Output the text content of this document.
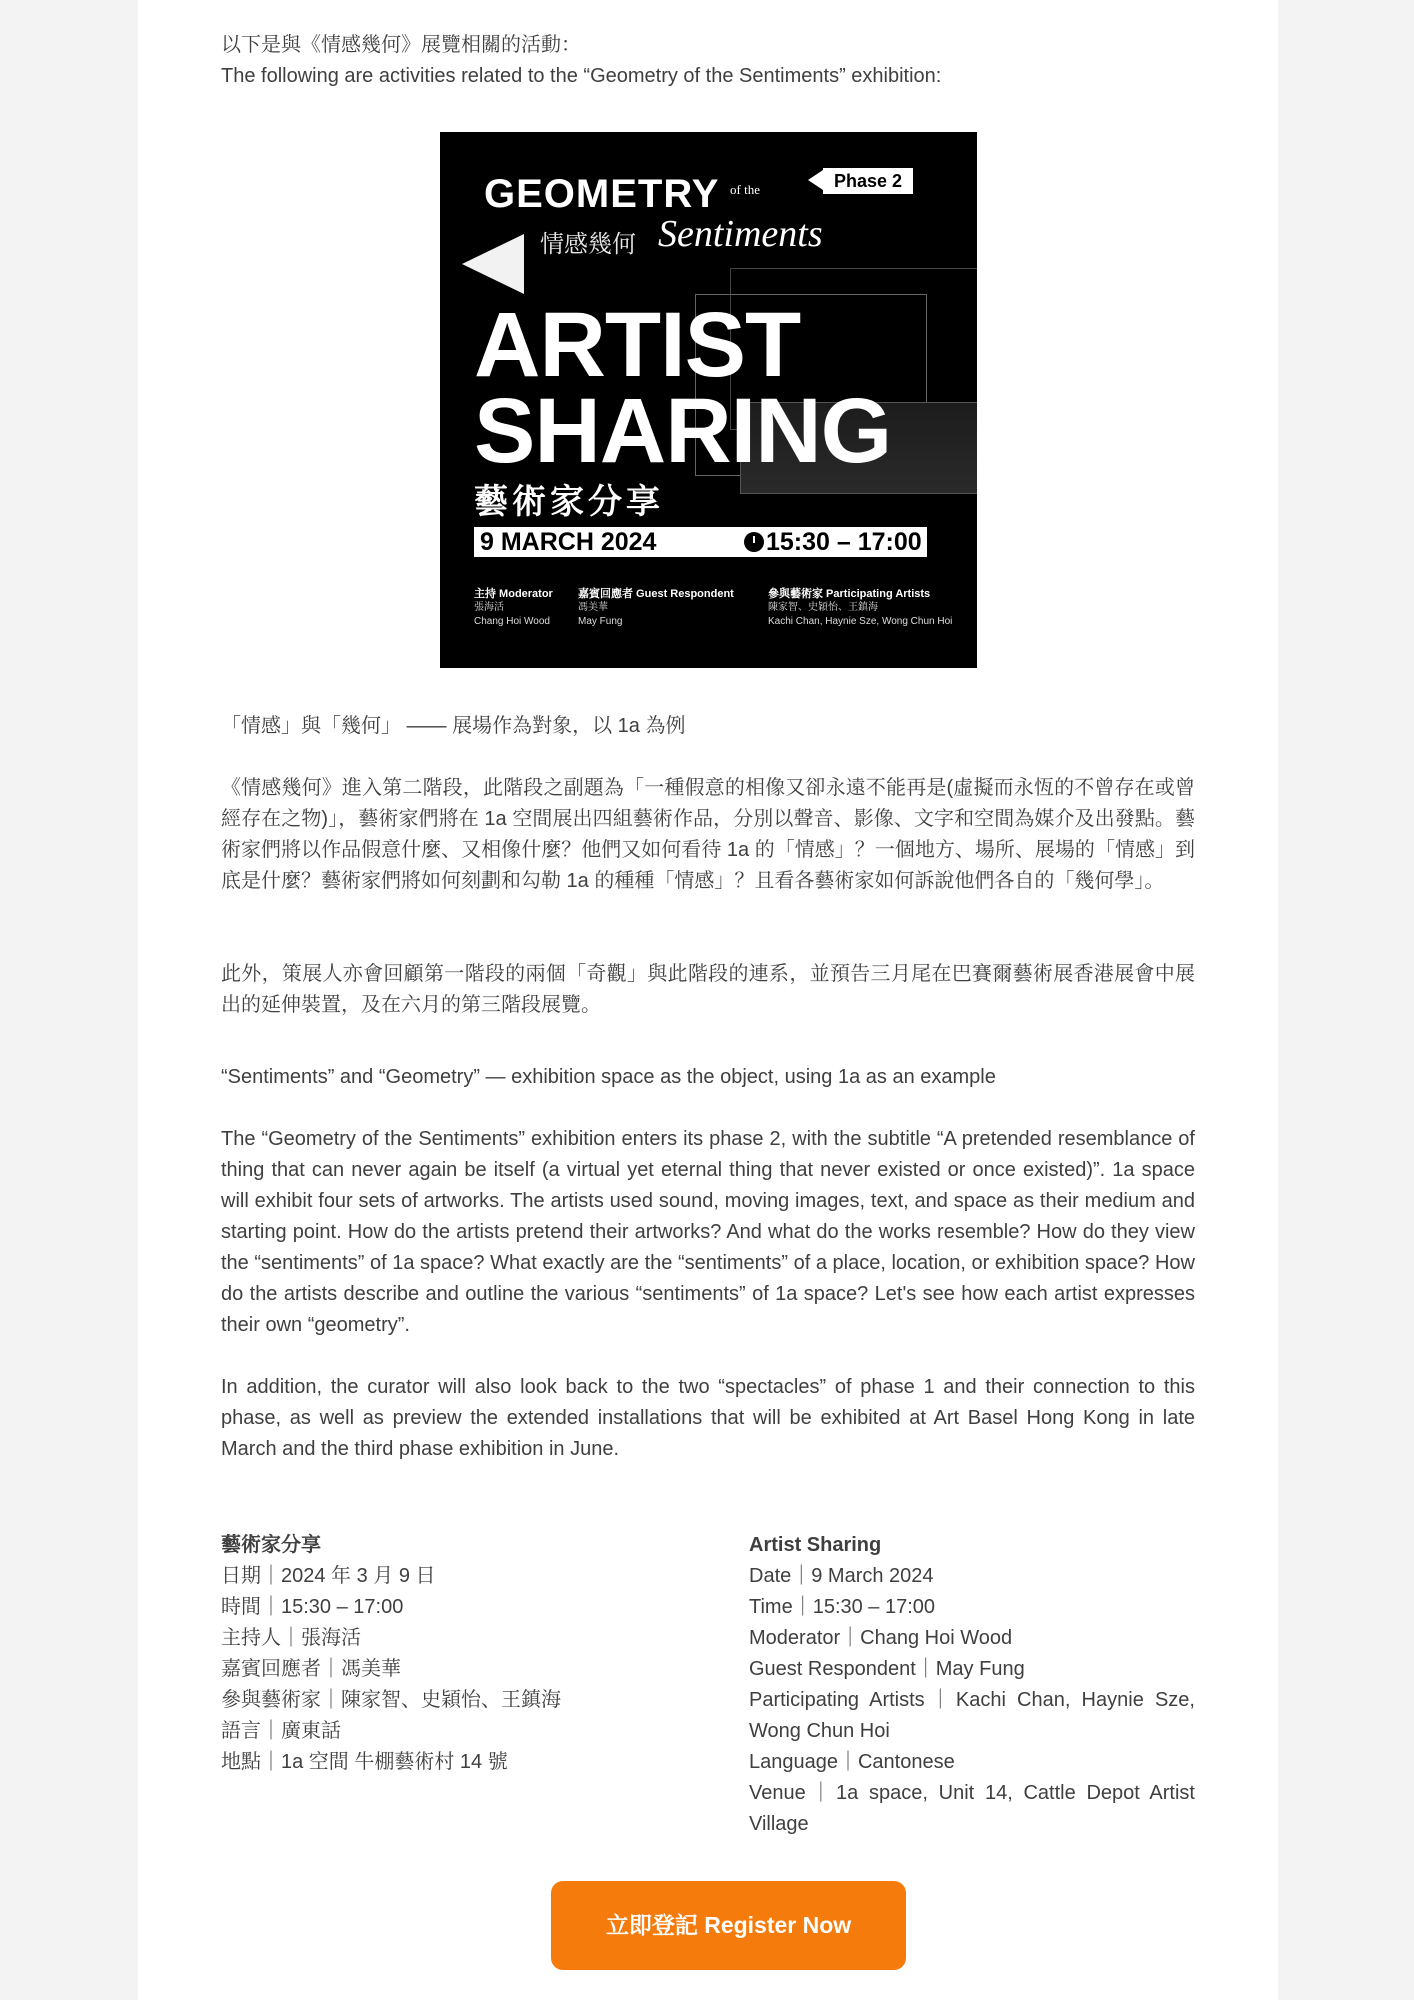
以下是與《情感幾何》展覽相關的活動：

The following are activities related to the “Geometry of the Sentiments” exhibition:

GEOMETRY of the	Phase 2
情感幾何 Sentiments
ARTIST
SHARING
藝術家分享
9 MARCH 2024	15:30 – 17:00
主持 Moderator
張海活
Chang Hoi Wood
嘉賓回應者 Guest Respondent
馮美華
May Fung
參與藝術家 Participating Artists
陳家智、史穎怡、王鎮海
Kachi Chan, Haynie Sze, Wong Chun Hoi

「情感」與「幾何」 —— 展場作為對象，以 1a 為例

《情感幾何》進入第二階段，此階段之副題為「一種假意的相像又卻永遠不能再是(虛擬而永恆的不曾存在或曾經存在之物)」，藝術家們將在 1a 空間展出四組藝術作品，分別以聲音、影像、文字和空間為媒介及出發點。藝術家們將以作品假意什麼、又相像什麼？他們又如何看待 1a 的「情感」？一個地方、場所、展場的「情感」到底是什麼？藝術家們將如何刻劃和勾勒 1a 的種種「情感」？且看各藝術家如何訴說他們各自的「幾何學」。

此外，策展人亦會回顧第一階段的兩個「奇觀」與此階段的連系，並預告三月尾在巴賽爾藝術展香港展會中展出的延伸裝置，及在六月的第三階段展覽。

“Sentiments” and “Geometry” — exhibition space as the object, using 1a as an example

The “Geometry of the Sentiments” exhibition enters its phase 2, with the subtitle “A pretended resemblance of thing that can never again be itself (a virtual yet eternal thing that never existed or once existed)”. 1a space will exhibit four sets of artworks. The artists used sound, moving images, text, and space as their medium and starting point. How do the artists pretend their artworks? And what do the works resemble? How do they view the “sentiments” of 1a space? What exactly are the “sentiments” of a place, location, or exhibition space? How do the artists describe and outline the various “sentiments” of 1a space? Let's see how each artist expresses their own “geometry”.

In addition, the curator will also look back to the two “spectacles” of phase 1 and their connection to this phase, as well as preview the extended installations that will be exhibited at Art Basel Hong Kong in late March and the third phase exhibition in June.

藝術家分享
日期｜2024 年 3 月 9 日
時間｜15:30 – 17:00
主持人｜張海活
嘉賓回應者｜馮美華
參與藝術家｜陳家智、史穎怡、王鎮海
語言｜廣東話
地點｜1a 空間 牛棚藝術村 14 號
Artist Sharing
Date｜9 March 2024
Time｜15:30 – 17:00
Moderator｜Chang Hoi Wood
Guest Respondent｜May Fung
Participating Artists｜Kachi Chan, Haynie Sze, Wong Chun Hoi
Language｜Cantonese
Venue｜1a space, Unit 14, Cattle Depot Artist Village
立即登記 Register Now
